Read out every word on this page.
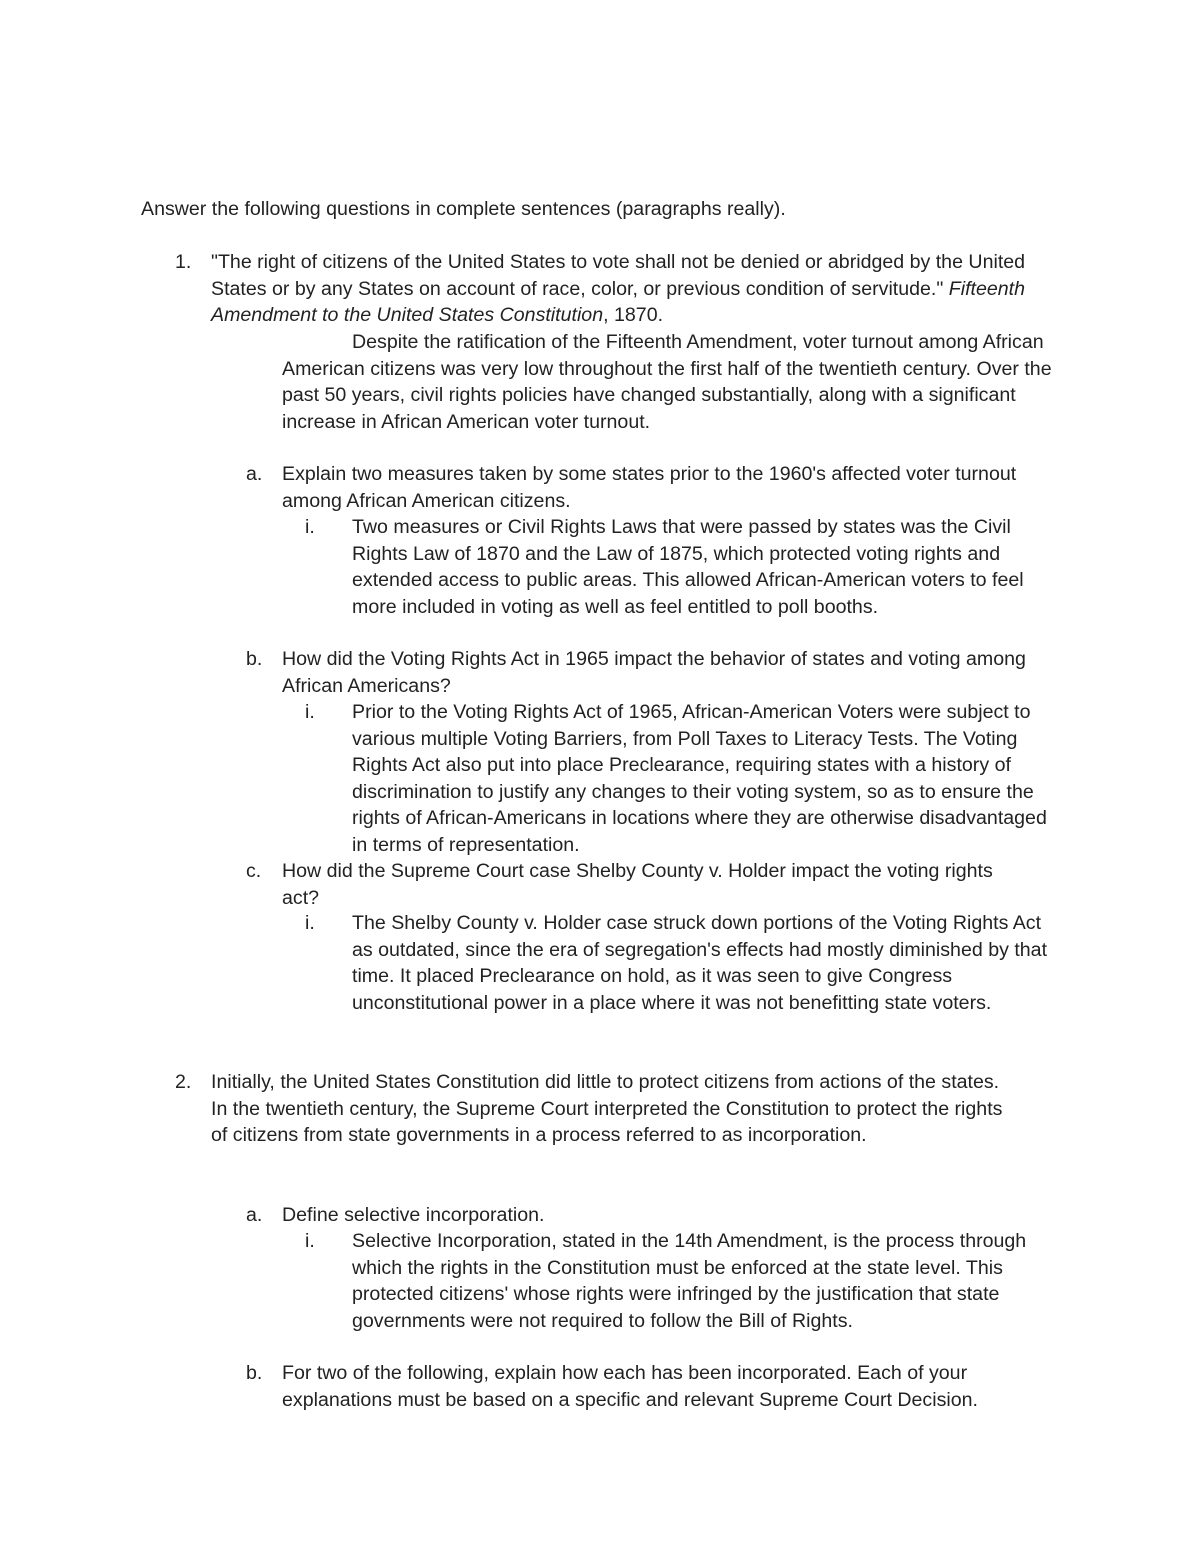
Answer the following questions in complete sentences (paragraphs really).

1. "The right of citizens of the United States to vote shall not be denied or abridged by the United States or by any States on account of race, color, or previous condition of servitude." Fifteenth Amendment to the United States Constitution, 1870.

Despite the ratification of the Fifteenth Amendment, voter turnout among African American citizens was very low throughout the first half of the twentieth century. Over the past 50 years, civil rights policies have changed substantially, along with a significant increase in African American voter turnout.

a. Explain two measures taken by some states prior to the 1960's affected voter turnout among African American citizens.

i. Two measures or Civil Rights Laws that were passed by states was the Civil Rights Law of 1870 and the Law of 1875, which protected voting rights and extended access to public areas. This allowed African-American voters to feel more included in voting as well as feel entitled to poll booths.

b. How did the Voting Rights Act in 1965 impact the behavior of states and voting among African Americans?

i. Prior to the Voting Rights Act of 1965, African-American Voters were subject to various multiple Voting Barriers, from Poll Taxes to Literacy Tests. The Voting Rights Act also put into place Preclearance, requiring states with a history of discrimination to justify any changes to their voting system, so as to ensure the rights of African-Americans in locations where they are otherwise disadvantaged in terms of representation.

c. How did the Supreme Court case Shelby County v. Holder impact the voting rights act?

i. The Shelby County v. Holder case struck down portions of the Voting Rights Act as outdated, since the era of segregation's effects had mostly diminished by that time. It placed Preclearance on hold, as it was seen to give Congress unconstitutional power in a place where it was not benefitting state voters.

2. Initially, the United States Constitution did little to protect citizens from actions of the states. In the twentieth century, the Supreme Court interpreted the Constitution to protect the rights of citizens from state governments in a process referred to as incorporation.

a. Define selective incorporation.

i. Selective Incorporation, stated in the 14th Amendment, is the process through which the rights in the Constitution must be enforced at the state level. This protected citizens' whose rights were infringed by the justification that state governments were not required to follow the Bill of Rights.

b. For two of the following, explain how each has been incorporated. Each of your explanations must be based on a specific and relevant Supreme Court Decision.
